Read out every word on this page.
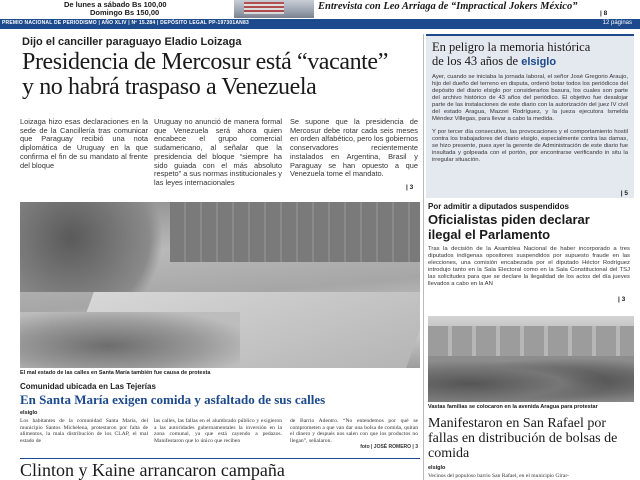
De lunes a sábado Bs 100,00
Domingo Bs 150,00
Entrevista con Leo Arriaga de “Impractical Jokers México”
| 8
PREMIO NACIONAL DE PERIODISMO | AÑO XLIV | Nº 15.284 | DEPÓSITO LEGAL PP-197301AN83	12 páginas
Dijo el canciller paraguayo Eladio Loizaga
Presidencia de Mercosur está “vacante”
y no habrá traspaso a Venezuela
Loizaga hizo esas declaraciones en la sede de la Cancillería tras comunicar que Paraguay recibió una nota diplomática de Uruguay en la que confirma el fin de su mandato al frente del bloque
Uruguay no anunció de manera formal que Venezuela será ahora quien encabece el grupo comercial sudamericano, al señalar que la presidencia del bloque “siempre ha sido guiada con el más absoluto respeto” a sus normas institucionales y las leyes internacionales
Se supone que la presidencia de Mercosur debe rotar cada seis meses en orden alfabético, pero los gobiernos conservadores recientemente instalados en Argentina, Brasil y Paraguay se han opuesto a que Venezuela tome el mandato.
| 3
El mal estado de las calles en Santa María también fue causa de protesta
Comunidad ubicada en Las Tejerías
En Santa María exigen comida y asfaltado de sus calles
elsiglo
Los habitantes de la comunidad Santa María, del municipio Santos Michelena, protestaron por falta de alimentos, la mala distribución de los CLAP, el mal estado de
las calles, las fallas en el alumbrado público y exigieron a las autoridades gubernamentales la inversión en la zona comunal, ya que está cayendo a pedazos. Manifestaron que lo único que reciben
de Barrio Adentro. “No entendemos por qué se comprometen a que van dar una bolsa de comida, quitan el dinero y después nos salen con que los productos no llegan”, señalaron.
foto | JOSÉ ROMERO | 3
Clinton y Kaine arrancaron campaña
En peligro la memoria histórica
de los 43 años de elsiglo

Ayer, cuando se iniciaba la jornada laboral, el señor José Gregorio Araujo, hijo del dueño del terreno en disputa, ordenó botar todos los periódicos del depósito del diario elsiglo por considerarlos basura, los cuales son parte del archivo histórico de 43 años del periódico. El objetivo fue desalojar parte de las instalaciones de este diario con la autorización del juez IV civil del estado Aragua, Mazzei Rodríguez, y la jueza ejecutora Ismelda Méndez Villegas, para llevar a cabo la medida.

Y por tercer día consecutivo, las provocaciones y el comportamiento hostil contra los trabajadores del diario elsiglo, especialmente contra las damas, se hizo presente, pues ayer la gerente de Administración de este diario fue insultada y golpeada con el portón, por encontrarse verificando in situ la irregular situación.

| 5
Por admitir a diputados suspendidos
Oficialistas piden declarar
ilegal el Parlamento
Tras la decisión de la Asamblea Nacional de haber incorporado a tres diputados indígenas opositores suspendidos por supuesto fraude en las elecciones, una comisión encabezada por el diputado Héctor Rodríguez introdujo tanto en la Sala Electoral como en la Sala Constitucional del TSJ las solicitudes para que se declare la ilegalidad de los actos del día jueves llevados a cabo en la AN
| 3
Vastas familias se colocaron en la avenida Aragua para protestar
Manifestaron en San Rafael por fallas en distribución de bolsas de comida
elsiglo
Vecinos del populoso barrio San Rafael, en el municipio Girar-
